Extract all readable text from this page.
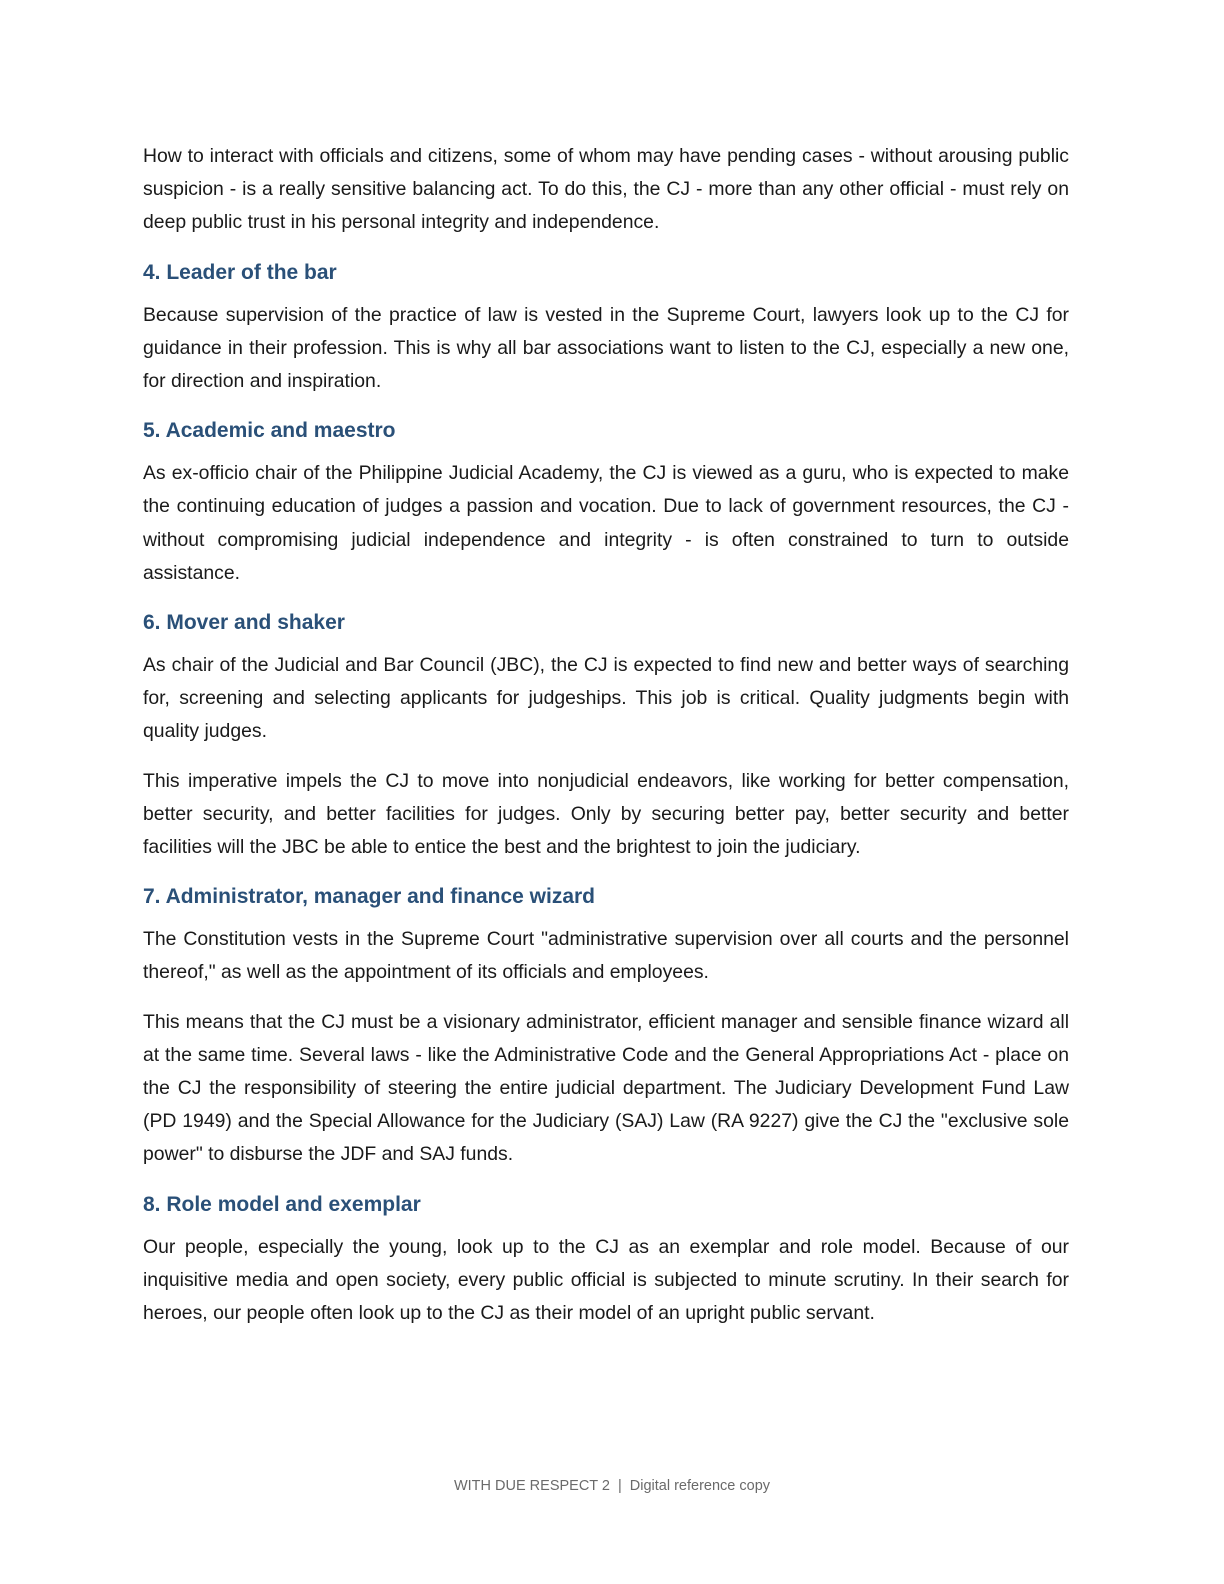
How to interact with officials and citizens, some of whom may have pending cases - without arousing public suspicion - is a really sensitive balancing act. To do this, the CJ - more than any other official - must rely on deep public trust in his personal integrity and independence.

4. Leader of the bar

Because supervision of the practice of law is vested in the Supreme Court, lawyers look up to the CJ for guidance in their profession. This is why all bar associations want to listen to the CJ, especially a new one, for direction and inspiration.

5. Academic and maestro

As ex-officio chair of the Philippine Judicial Academy, the CJ is viewed as a guru, who is expected to make the continuing education of judges a passion and vocation. Due to lack of government resources, the CJ - without compromising judicial independence and integrity - is often constrained to turn to outside assistance.

6. Mover and shaker

As chair of the Judicial and Bar Council (JBC), the CJ is expected to find new and better ways of searching for, screening and selecting applicants for judgeships. This job is critical. Quality judgments begin with quality judges.

This imperative impels the CJ to move into nonjudicial endeavors, like working for better compensation, better security, and better facilities for judges. Only by securing better pay, better security and better facilities will the JBC be able to entice the best and the brightest to join the judiciary.

7. Administrator, manager and finance wizard

The Constitution vests in the Supreme Court "administrative supervision over all courts and the personnel thereof," as well as the appointment of its officials and employees.

This means that the CJ must be a visionary administrator, efficient manager and sensible finance wizard all at the same time. Several laws - like the Administrative Code and the General Appropriations Act - place on the CJ the responsibility of steering the entire judicial department. The Judiciary Development Fund Law (PD 1949) and the Special Allowance for the Judiciary (SAJ) Law (RA 9227) give the CJ the "exclusive sole power" to disburse the JDF and SAJ funds.

8. Role model and exemplar

Our people, especially the young, look up to the CJ as an exemplar and role model. Because of our inquisitive media and open society, every public official is subjected to minute scrutiny. In their search for heroes, our people often look up to the CJ as their model of an upright public servant.

WITH DUE RESPECT 2 | Digital reference copy
